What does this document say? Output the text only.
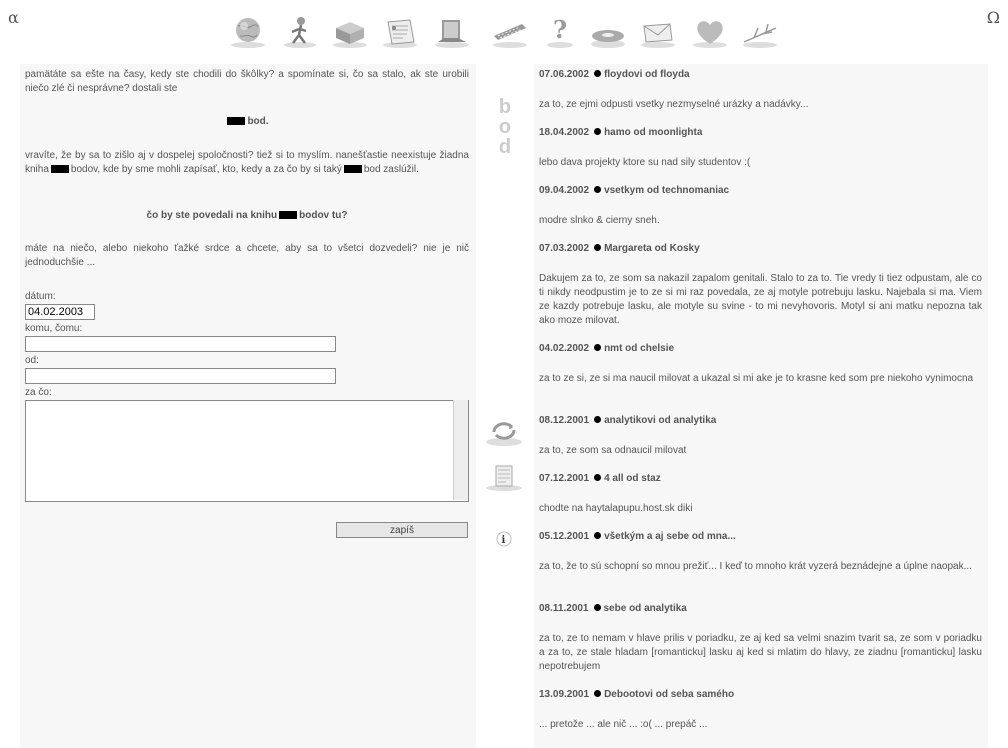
α	Ω
?

pamätáte sa ešte na časy, kedy ste chodili do škôlky? a spomínate si, čo sa stalo, ak ste urobili niečo zlé či nesprávne? dostali ste

bod.

vravíte, že by sa to zišlo aj v dospelej spoločnosti? tiež si to myslím. nanešťastie neexistuje žiadna kniha bodov, kde by sme mohli zapísať, kto, kedy a za čo by si taký bod zaslúžil.

čo by ste povedali na knihu bodov tu?

máte na niečo, alebo niekoho ťažké srdce a chcete, aby sa to všetci dozvedeli? nie je nič jednoduchšie ...

dátum:
04.02.2003
komu, čomu:
od:
za čo:
zapíš
b
o
d
i
07.06.2002 floydovi od floyda

za to, ze ejmi odpusti vsetky nezmyselné urázky a nadávky...

18.04.2002 hamo od moonlighta

lebo dava projekty ktore su nad sily studentov :(

09.04.2002 vsetkym od technomaniac

modre slnko & cierny sneh.

07.03.2002 Margareta od Kosky

Dakujem za to, ze som sa nakazil zapalom genitali. Stalo to za to. Tie vredy ti tiez odpustam, ale co ti nikdy neodpustim je to ze si mi raz povedala, ze aj motyle potrebuju lasku. Najebala si ma. Viem ze kazdy potrebuje lasku, ale motyle su svine - to mi nevyhovoris. Motyl si ani matku nepozna tak ako moze milovat.

04.02.2002 nmt od chelsie

za to ze si, ze si ma naucil milovat a ukazal si mi ake je to krasne ked som pre niekoho vynimocna

08.12.2001 analytikovi od analytika

za to, ze som sa odnaucil milovat

07.12.2001 4 all od staz

chodte na haytalapupu.host.sk diki

05.12.2001 všetkým a aj sebe od mna...

za to, že to sú schopní so mnou prežiť... I keď to mnoho krát vyzerá beznádejne a úplne naopak...

08.11.2001 sebe od analytika

za to, ze to nemam v hlave prilis v poriadku, ze aj ked sa velmi snazim tvarit sa, ze som v poriadku a za to, ze stale hladam [romanticku] lasku aj ked si mlatim do hlavy, ze ziadnu [romanticku] lasku nepotrebujem

13.09.2001 Debootovi od seba samého

... pretože ... ale nič ... :o( ... prepáč ...
